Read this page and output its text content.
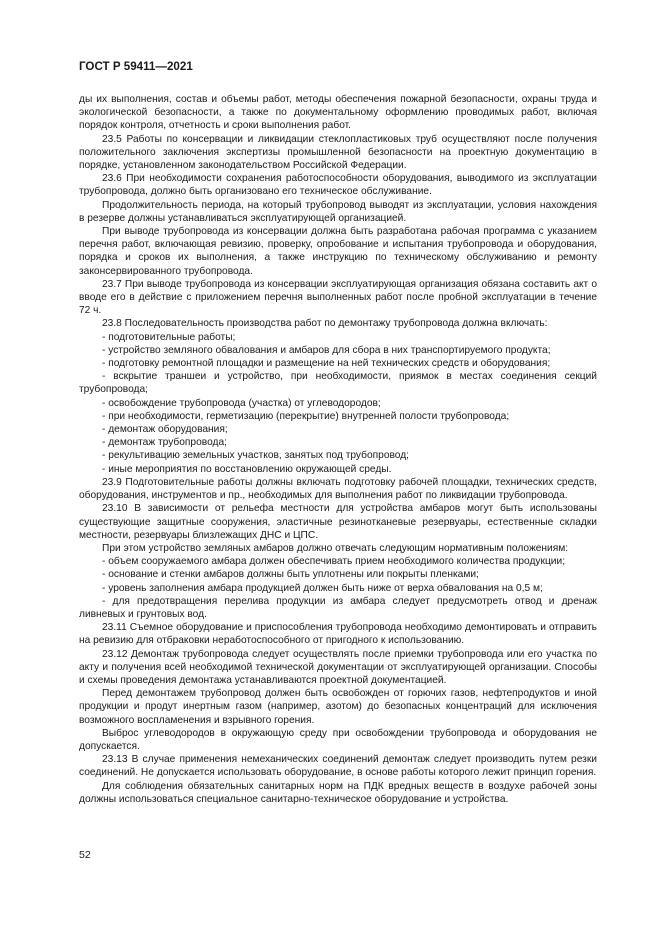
ГОСТ Р 59411—2021

ды их выполнения, состав и объемы работ, методы обеспечения пожарной безопасности, охраны труда и экологической безопасности, а также по документальному оформлению проводимых работ, включая порядок контроля, отчетность и сроки выполнения работ.

23.5 Работы по консервации и ликвидации стеклопластиковых труб осуществляют после получения положительного заключения экспертизы промышленной безопасности на проектную документацию в порядке, установленном законодательством Российской Федерации.

23.6 При необходимости сохранения работоспособности оборудования, выводимого из эксплуатации трубопровода, должно быть организовано его техническое обслуживание.

Продолжительность периода, на который трубопровод выводят из эксплуатации, условия нахождения в резерве должны устанавливаться эксплуатирующей организацией.

При выводе трубопровода из консервации должна быть разработана рабочая программа с указанием перечня работ, включающая ревизию, проверку, опробование и испытания трубопровода и оборудования, порядка и сроков их выполнения, а также инструкцию по техническому обслуживанию и ремонту законсервированного трубопровода.

23.7 При выводе трубопровода из консервации эксплуатирующая организация обязана составить акт о вводе его в действие с приложением перечня выполненных работ после пробной эксплуатации в течение 72 ч.

23.8 Последовательность производства работ по демонтажу трубопровода должна включать:

- подготовительные работы;

- устройство земляного обвалования и амбаров для сбора в них транспортируемого продукта;

- подготовку ремонтной площадки и размещение на ней технических средств и оборудования;

- вскрытие траншеи и устройство, при необходимости, приямок в местах соединения секций трубопровода;

- освобождение трубопровода (участка) от углеводородов;

- при необходимости, герметизацию (перекрытие) внутренней полости трубопровода;

- демонтаж оборудования;

- демонтаж трубопровода;

- рекультивацию земельных участков, занятых под трубопровод;

- иные мероприятия по восстановлению окружающей среды.

23.9 Подготовительные работы должны включать подготовку рабочей площадки, технических средств, оборудования, инструментов и пр., необходимых для выполнения работ по ликвидации трубопровода.

23.10 В зависимости от рельефа местности для устройства амбаров могут быть использованы существующие защитные сооружения, эластичные резинотканевые резервуары, естественные складки местности, резервуары близлежащих ДНС и ЦПС.

При этом устройство земляных амбаров должно отвечать следующим нормативным положениям:

- объем сооружаемого амбара должен обеспечивать прием необходимого количества продукции;

- основание и стенки амбаров должны быть уплотнены или покрыты пленками;

- уровень заполнения амбара продукцией должен быть ниже от верха обвалования на 0,5 м;

- для предотвращения перелива продукции из амбара следует предусмотреть отвод и дренаж ливневых и грунтовых вод.

23.11 Съемное оборудование и приспособления трубопровода необходимо демонтировать и отправить на ревизию для отбраковки неработоспособного от пригодного к использованию.

23.12 Демонтаж трубопровода следует осуществлять после приемки трубопровода или его участка по акту и получения всей необходимой технической документации от эксплуатирующей организации. Способы и схемы проведения демонтажа устанавливаются проектной документацией.

Перед демонтажем трубопровод должен быть освобожден от горючих газов, нефтепродуктов и иной продукции и продут инертным газом (например, азотом) до безопасных концентраций для исключения возможного воспламенения и взрывного горения.

Выброс углеводородов в окружающую среду при освобождении трубопровода и оборудования не допускается.

23.13 В случае применения немеханических соединений демонтаж следует производить путем резки соединений. Не допускается использовать оборудование, в основе работы которого лежит принцип горения.

Для соблюдения обязательных санитарных норм на ПДК вредных веществ в воздухе рабочей зоны должны использоваться специальное санитарно-техническое оборудование и устройства.

52
